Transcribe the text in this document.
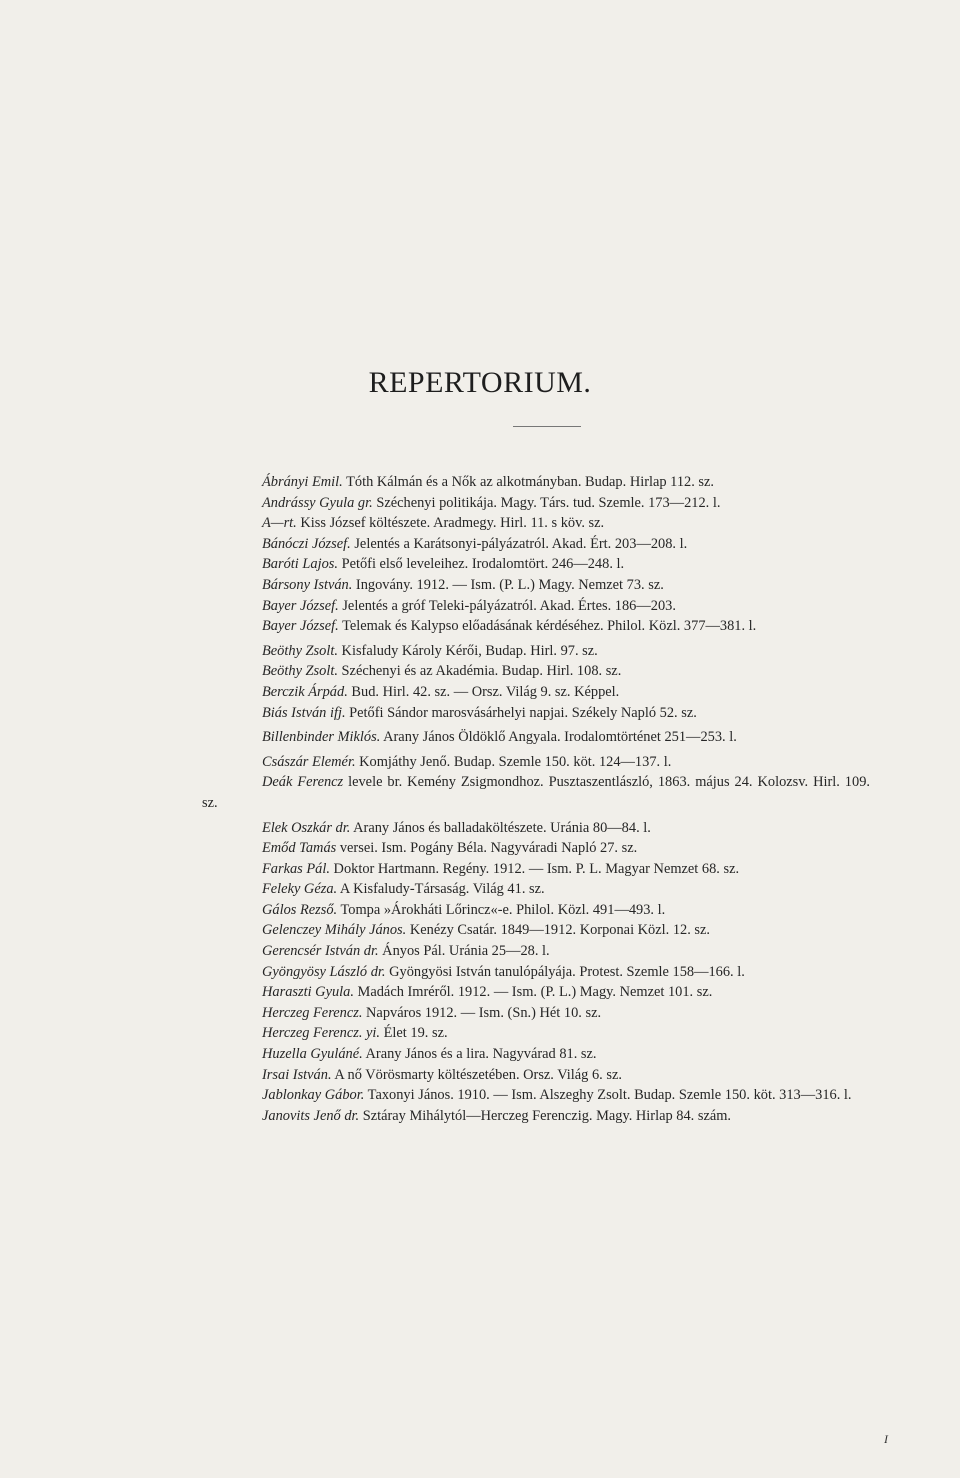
REPERTORIUM.

Ábrányi Emil. Tóth Kálmán és a Nők az alkotmányban. Budap. Hirlap 112. sz.

Andrássy Gyula gr. Széchenyi politikája. Magy. Társ. tud. Szemle. 173—212. l.

A—rt. Kiss József költészete. Aradmegy. Hirl. 11. s köv. sz.

Bánóczi József. Jelentés a Karátsonyi-pályázatról. Akad. Ért. 203—208. l.

Baróti Lajos. Petőfi első leveleihez. Irodalomtört. 246—248. l.

Bársony István. Ingovány. 1912. — Ism. (P. L.) Magy. Nemzet 73. sz.

Bayer József. Jelentés a gróf Teleki-pályázatról. Akad. Értes. 186—203.

Bayer József. Telemak és Kalypso előadásának kérdéséhez. Philol. Közl. 377—381. l.

Beöthy Zsolt. Kisfaludy Károly Kérői, Budap. Hirl. 97. sz.

Beöthy Zsolt. Széchenyi és az Akadémia. Budap. Hirl. 108. sz.

Berczik Árpád. Bud. Hirl. 42. sz. — Orsz. Világ 9. sz. Képpel.

Biás István ifj. Petőfi Sándor marosvásárhelyi napjai. Székely Napló 52. sz.

Billenbinder Miklós. Arany János Öldöklő Angyala. Irodalomtörténet 251—253. l.

Császár Elemér. Komjáthy Jenő. Budap. Szemle 150. köt. 124—137. l.

Deák Ferencz levele br. Kemény Zsigmondhoz. Pusztaszentlászló, 1863. május 24. Kolozsv. Hirl. 109. sz.

Elek Oszkár dr. Arany János és balladaköltészete. Uránia 80—84. l.

Emőd Tamás versei. Ism. Pogány Béla. Nagyváradi Napló 27. sz.

Farkas Pál. Doktor Hartmann. Regény. 1912. — Ism. P. L. Magyar Nemzet 68. sz.

Feleky Géza. A Kisfaludy-Társaság. Világ 41. sz.

Gálos Rezső. Tompa »Árokháti Lőrincz«-e. Philol. Közl. 491—493. l.

Gelenczey Mihály János. Kenézy Csatár. 1849—1912. Korponai Közl. 12. sz.

Gerencsér István dr. Ányos Pál. Uránia 25—28. l.

Gyöngyösy László dr. Gyöngyösi István tanulópályája. Protest. Szemle 158—166. l.

Haraszti Gyula. Madách Imréről. 1912. — Ism. (P. L.) Magy. Nemzet 101. sz.

Herczeg Ferencz. Napváros 1912. — Ism. (Sn.) Hét 10. sz.

Herczeg Ferencz. yi. Élet 19. sz.

Huzella Gyuláné. Arany János és a lira. Nagyvárad 81. sz.

Irsai István. A nő Vörösmarty költészetében. Orsz. Világ 6. sz.

Jablonkay Gábor. Taxonyi János. 1910. — Ism. Alszeghy Zsolt. Budap. Szemle 150. köt. 313—316. l.

Janovits Jenő dr. Sztáray Mihálytól—Herczeg Ferenczig. Magy. Hirlap 84. szám.

I
